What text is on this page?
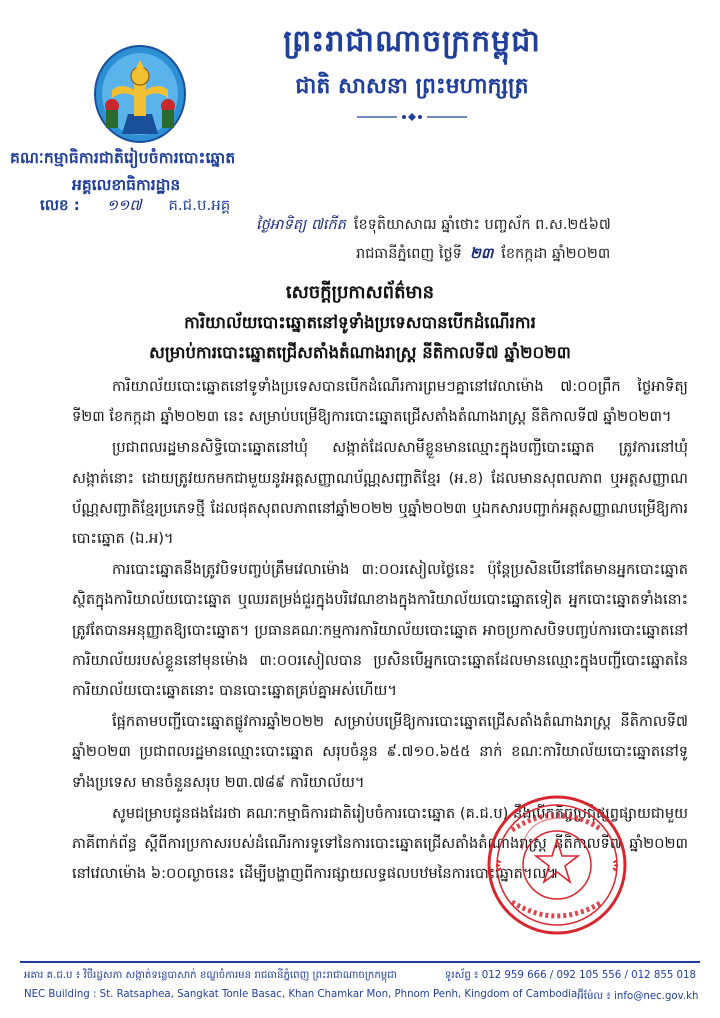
ព្រះរាជាណាចក្រកម្ពុជា
ជាតិ សាសនា ព្រះមហាក្សត្រ
គណៈកម្មាធិការជាតិរៀបចំការបោះឆ្នោត
អគ្គលេខាធិការដ្ឋាន
លេខ : ១១៧ គ.ជ.ប.អគ្គ
ថ្ងៃអាទិត្យ ៧កើត ខែទុតិយាសាឍ ឆ្នាំថោះ បញ្ចស័ក ព.ស.២៥៦៧
រាជធានីភ្នំពេញ ថ្ងៃទី ២៣ ខែកក្កដា ឆ្នាំ២០២៣
សេចក្តីប្រកាសព័ត៌មាន
ការិយាល័យបោះឆ្នោតនៅទូទាំងប្រទេសបានបើកដំណើរការ
សម្រាប់ការបោះឆ្នោតជ្រើសតាំងតំណាងរាស្ត្រ នីតិកាលទី៧ ឆ្នាំ២០២៣

ការិយាល័យបោះឆ្នោតនៅទូទាំងប្រទេសបានបើកដំណើរការព្រមៗគ្នានៅវេលាម៉ោង ៧:០០ព្រឹក ថ្ងៃអាទិត្យ ទី២៣ ខែកក្កដា ឆ្នាំ២០២៣ នេះ សម្រាប់បម្រើឱ្យការបោះឆ្នោតជ្រើសតាំងតំណាងរាស្ត្រ នីតិកាលទី៧ ឆ្នាំ២០២៣។

ប្រជាពលរដ្ឋមានសិទ្ធិបោះឆ្នោតនៅឃុំ សង្កាត់ដែលសាមីខ្លួនមានឈ្មោះក្នុងបញ្ជីបោះឆ្នោត ត្រូវការនៅឃុំ សង្កាត់នោះ ដោយត្រូវយកមកជាមួយនូវអត្តសញ្ញាណប័ណ្ណសញ្ជាតិខ្មែរ (អ.ខ) ដែលមានសុពលភាព ឬអត្តសញ្ញាណប័ណ្ណសញ្ជាតិខ្មែរប្រភេទថ្មី ដែលផុតសុពលភាពនៅឆ្នាំ២០២២ ឬឆ្នាំ២០២៣ ឬឯកសារបញ្ជាក់អត្តសញ្ញាណបម្រើឱ្យការបោះឆ្នោត (ឯ.អ)។

ការបោះឆ្នោតនឹងត្រូវបិទបញ្ចប់ត្រឹមវេលាម៉ោង ៣:០០រសៀលថ្ងៃនេះ ប៉ុន្តែប្រសិនបើនៅតែមានអ្នកបោះឆ្នោតស្ថិតក្នុងការិយាល័យបោះឆ្នោត ឬឈរតម្រង់ជួរក្នុងបរិវេណខាងក្នុងការិយាល័យបោះឆ្នោតទៀត អ្នកបោះឆ្នោតទាំងនោះត្រូវតែបានអនុញ្ញាតឱ្យបោះឆ្នោត។ ប្រធានគណៈកម្មការការិយាល័យបោះឆ្នោត អាចប្រកាសបិទបញ្ចប់ការបោះឆ្នោតនៅការិយាល័យរបស់ខ្លួននៅមុនម៉ោង ៣:០០រសៀលបាន ប្រសិនបើអ្នកបោះឆ្នោតដែលមានឈ្មោះក្នុងបញ្ជីបោះឆ្នោតនៃការិយាល័យបោះឆ្នោតនោះ បានបោះឆ្នោតគ្រប់គ្នាអស់ហើយ។

ផ្អែកតាមបញ្ជីបោះឆ្នោតផ្លូវការឆ្នាំ២០២២ សម្រាប់បម្រើឱ្យការបោះឆ្នោតជ្រើសតាំងតំណាងរាស្ត្រ នីតិកាលទី៧ ឆ្នាំ២០២៣ ប្រជាពលរដ្ឋមានឈ្មោះបោះឆ្នោត សរុបចំនួន ៩.៧១០.៦៥៥ នាក់ ខណៈការិយាល័យបោះឆ្នោតនៅទូទាំងប្រទេស មានចំនួនសរុប ២៣.៧៨៩ ការិយាល័យ។

សូមជម្រាបជូនផងដែរថា គណៈកម្មាធិការជាតិរៀបចំការបោះឆ្នោត (គ.ជ.ប) នឹងបើកកិច្ចប្រជុំផ្សព្វផ្សាយជាមួយភាគីពាក់ព័ន្ធ ស្តីពីការប្រកាសរបស់ដំណើរការទូទៅនៃការបោះឆ្នោតជ្រើសតាំងតំណាងរាស្ត្រ នីតិកាលទី៧ ឆ្នាំ២០២៣ នៅវេលាម៉ោង ៦:០០ល្ងាចនេះ ដើម្បីបង្ហាញពីការផ្សាយលទ្ធផលបឋមនៃការបោះឆ្នោត។ល៕

អគារ គ.ជ.ប ៖ វិថីរដ្ឋសភា សង្កាត់ទន្លេបាសាក់ ខណ្ឌចំការមន រាជធានីភ្នំពេញ ព្រះរាជាណាចក្រកម្ពុជា	ទូរស័ព្ទ ៖ 012 959 666 / 092 105 556 / 012 855 018
NEC Building : St. Ratsaphea, Sangkat Tonle Basac, Khan Chamkar Mon, Phnom Penh, Kingdom of Cambodia អ៊ីម៉ែល ៖ info@nec.gov.kh
